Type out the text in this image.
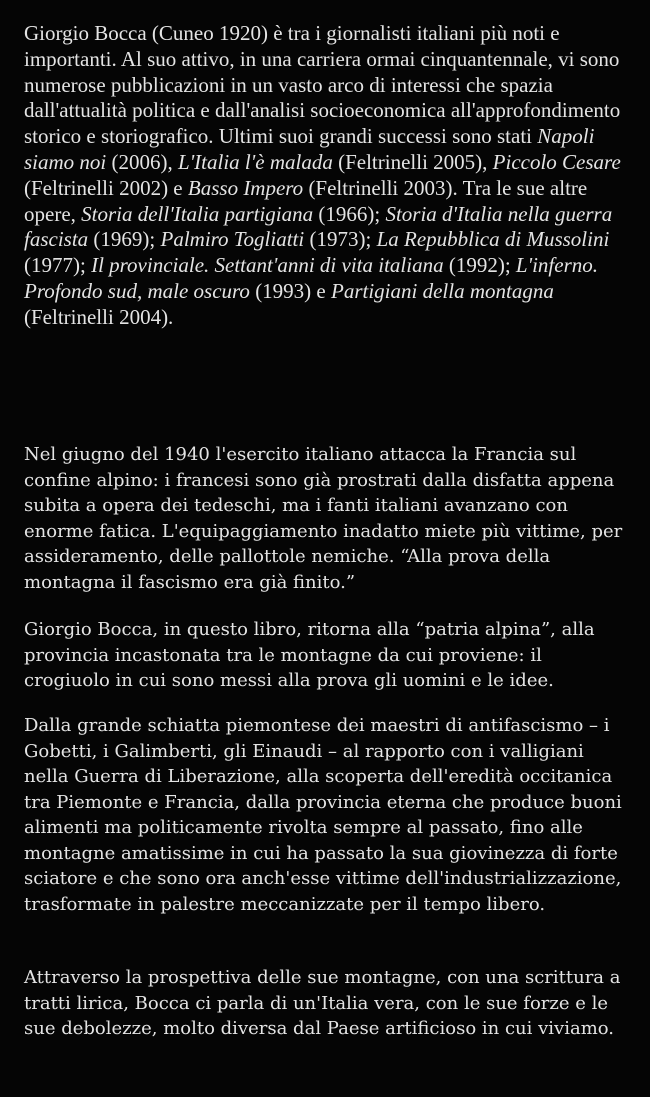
Giorgio Bocca (Cuneo 1920) è tra i giornalisti italiani più noti e importanti. Al suo attivo, in una carriera ormai cinquantennale, vi sono numerose pubblicazioni in un vasto arco di interessi che spazia dall'attualità politica e dall'analisi socioeconomica all'approfondimento storico e storiografico. Ultimi suoi grandi successi sono stati Napoli siamo noi (2006), L'Italia l'è malada (Feltrinelli 2005), Piccolo Cesare (Feltrinelli 2002) e Basso Impero (Feltrinelli 2003). Tra le sue altre opere, Storia dell'Italia partigiana (1966); Storia d'Italia nella guerra fascista (1969); Palmiro Togliatti (1973); La Repubblica di Mussolini (1977); Il provinciale. Settant'anni di vita italiana (1992); L'inferno. Profondo sud, male oscuro (1993) e Partigiani della montagna (Feltrinelli 2004).

Nel giugno del 1940 l'esercito italiano attacca la Francia sul confine alpino: i francesi sono già prostrati dalla disfatta appena subita a opera dei tedeschi, ma i fanti italiani avanzano con enorme fatica. L'equipaggiamento inadatto miete più vittime, per assideramento, delle pallottole nemiche. “Alla prova della montagna il fascismo era già finito.”

Giorgio Bocca, in questo libro, ritorna alla “patria alpina”, alla provincia incastonata tra le montagne da cui proviene: il crogiuolo in cui sono messi alla prova gli uomini e le idee.

Dalla grande schiatta piemontese dei maestri di antifascismo – i Gobetti, i Galimberti, gli Einaudi – al rapporto con i valligiani nella Guerra di Liberazione, alla scoperta dell'eredità occitanica tra Piemonte e Francia, dalla provincia eterna che produce buoni alimenti ma politicamente rivolta sempre al passato, fino alle montagne amatissime in cui ha passato la sua giovinezza di forte sciatore e che sono ora anch'esse vittime dell'industrializzazione, trasformate in palestre meccanizzate per il tempo libero.

Attraverso la prospettiva delle sue montagne, con una scrittura a tratti lirica, Bocca ci parla di un'Italia vera, con le sue forze e le sue debolezze, molto diversa dal Paese artificioso in cui viviamo.
